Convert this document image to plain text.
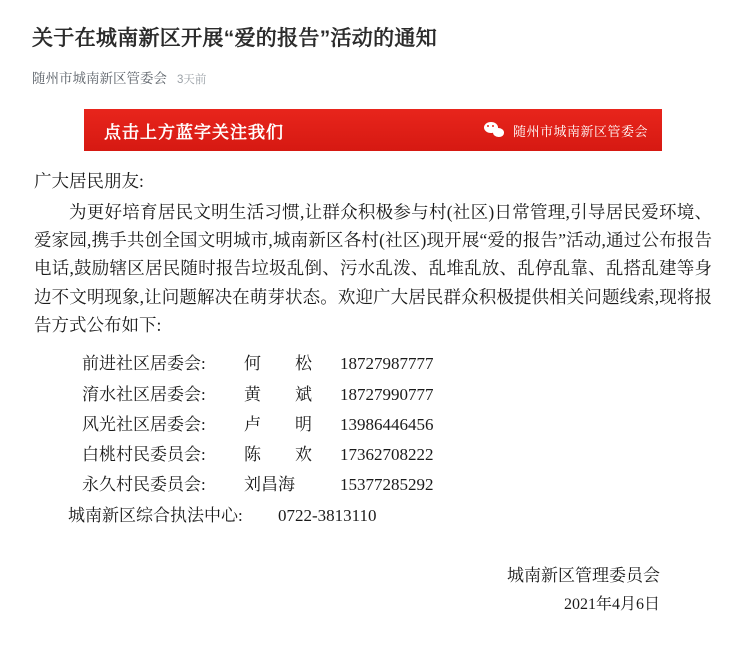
关于在城南新区开展“爱的报告”活动的通知
随州市城南新区管委会 3天前
点击上方蓝字关注我们	随州市城南新区管委会

广大居民朋友:

为更好培育居民文明生活习惯,让群众积极参与村(社区)日常管理,引导居民爱环境、爱家园,携手共创全国文明城市,城南新区各村(社区)现开展“爱的报告”活动,通过公布报告电话,鼓励辖区居民随时报告垃圾乱倒、污水乱泼、乱堆乱放、乱停乱靠、乱搭乱建等身边不文明现象,让问题解决在萌芽状态。欢迎广大居民群众积极提供相关问题线索,现将报告方式公布如下:

前进社区居委会:	何　　松	18727987777
淯水社区居委会:	黄　　斌	18727990777
风光社区居委会:	卢　　明	13986446456
白桃村民委员会:	陈　　欢	17362708222
永久村民委员会:	刘昌海	15377285292
城南新区综合执法中心:	0722-3813110
城南新区管理委员会
2021年4月6日
